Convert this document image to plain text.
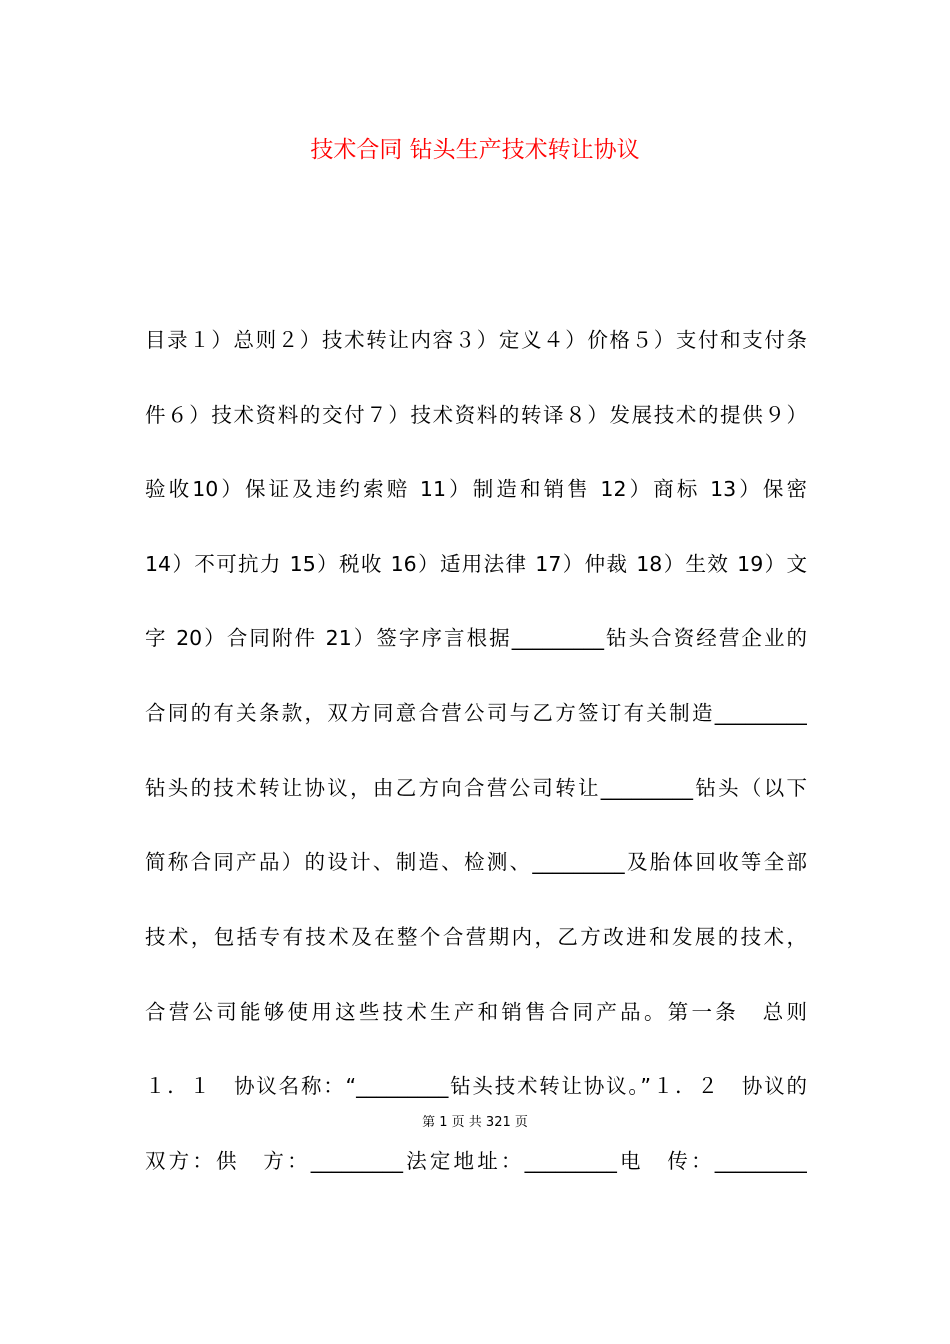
技术合同 钻头生产技术转让协议
目录１）总则２）技术转让内容３）定义４）价格５）支付和支付条
件６）技术资料的交付７）技术资料的转译８）发展技术的提供９）
验收10）保证及违约索赔 11）制造和销售 12）商标 13）保密
14）不可抗力 15）税收 16）适用法律 17）仲裁 18）生效 19）文
字 20）合同附件 21）签字序言根据_________钻头合资经营企业的
合同的有关条款，双方同意合营公司与乙方签订有关制造_________
钻头的技术转让协议，由乙方向合营公司转让_________钻头（以下
简称合同产品）的设计、制造、检测、_________及胎体回收等全部
技术，包括专有技术及在整个合营期内，乙方改进和发展的技术，
合营公司能够使用这些技术生产和销售合同产品。第一条　总则
１．１　协议名称：“_________钻头技术转让协议。”１．２　协议的
第 1 页 共 321 页
双方：供　方：_________法定地址：_________电　传：_________
